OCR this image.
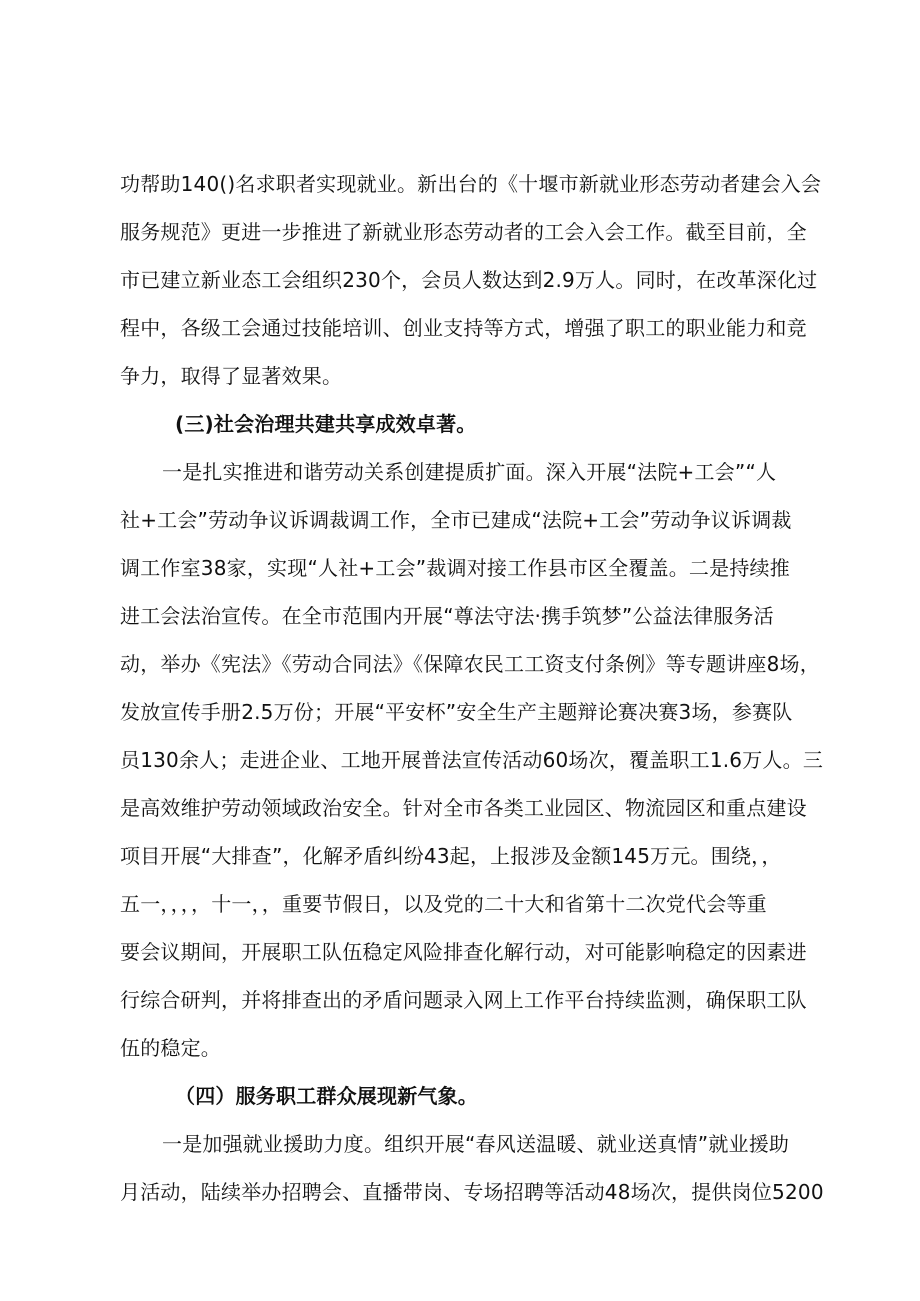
功帮助140()名求职者实现就业。新出台的《十堰市新就业形态劳动者建会入会
服务规范》更进一步推进了新就业形态劳动者的工会入会工作。截至目前，全
市已建立新业态工会组织230个，会员人数达到2.9万人。同时，在改革深化过
程中，各级工会通过技能培训、创业支持等方式，增强了职工的职业能力和竞
争力，取得了显著效果。
(三)社会治理共建共享成效卓著。
一是扎实推进和谐劳动关系创建提质扩面。深入开展“法院+工会”“人
社+工会”劳动争议诉调裁调工作，全市已建成“法院+工会”劳动争议诉调裁
调工作室38家，实现“人社+工会”裁调对接工作县市区全覆盖。二是持续推
进工会法治宣传。在全市范围内开展“尊法守法·携手筑梦”公益法律服务活
动，举办《宪法》《劳动合同法》《保障农民工工资支付条例》等专题讲座8场，
发放宣传手册2.5万份；开展“平安杯”安全生产主题辩论赛决赛3场，参赛队
员130余人；走进企业、工地开展普法宣传活动60场次，覆盖职工1.6万人。三
是高效维护劳动领域政治安全。针对全市各类工业园区、物流园区和重点建设
项目开展“大排查”，化解矛盾纠纷43起，上报涉及金额145万元。围绕，，
五一，，，，十一，，重要节假日，以及党的二十大和省第十二次党代会等重
要会议期间，开展职工队伍稳定风险排查化解行动，对可能影响稳定的因素进
行综合研判，并将排查出的矛盾问题录入网上工作平台持续监测，确保职工队
伍的稳定。
（四）服务职工群众展现新气象。
一是加强就业援助力度。组织开展“春风送温暖、就业送真情”就业援助
月活动，陆续举办招聘会、直播带岗、专场招聘等活动48场次，提供岗位5200
